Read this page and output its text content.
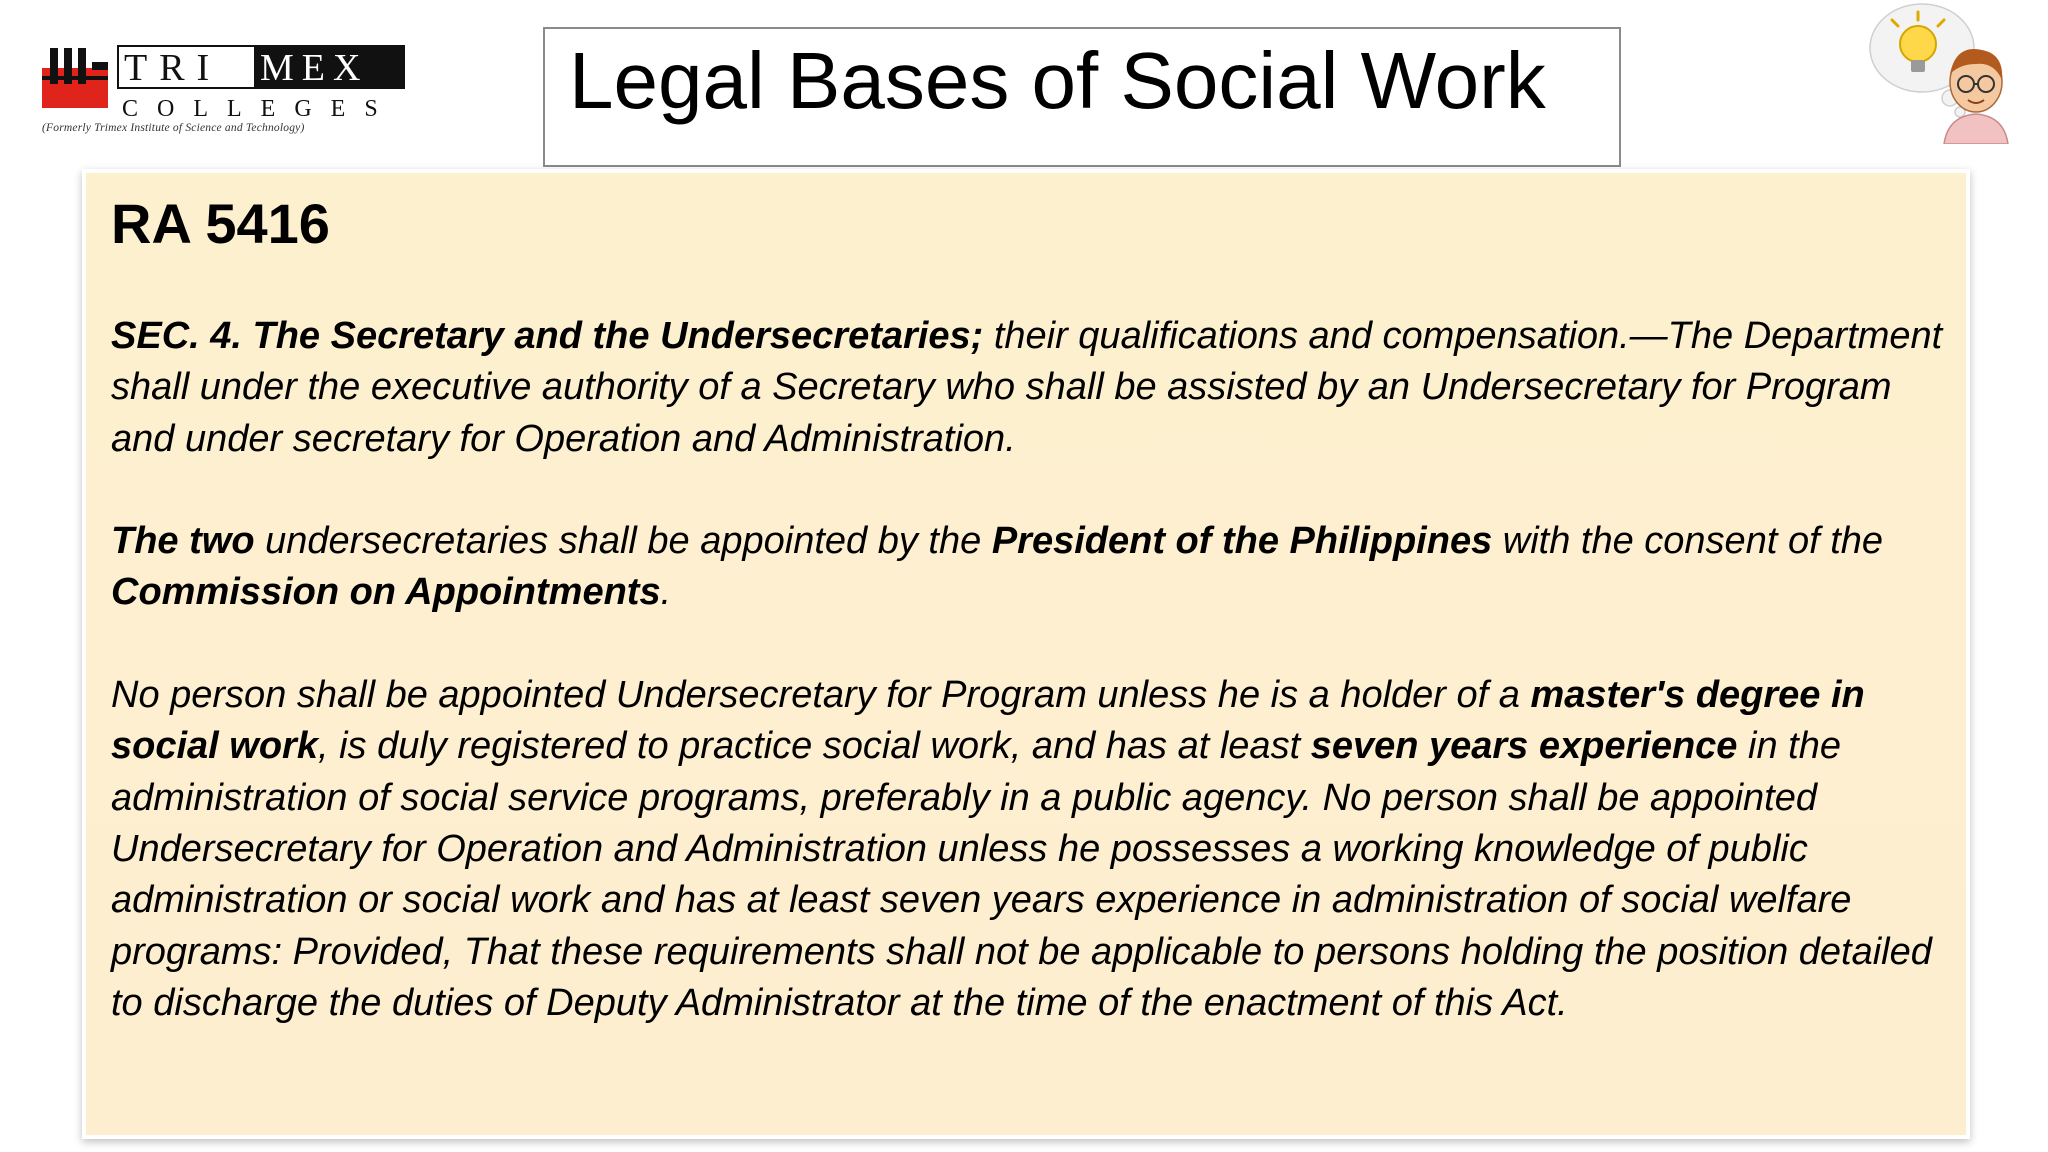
TRI MEX
COLLEGES
(Formerly Trimex Institute of Science and Technology)
Legal Bases of Social Work
RA 5416

SEC. 4. The Secretary and the Undersecretaries; their qualifications and compensation.—The Department shall under the executive authority of a Secretary who shall be assisted by an Undersecretary for Program and under secretary for Operation and Administration.

The two undersecretaries shall be appointed by the President of the Philippines with the consent of the Commission on Appointments.

No person shall be appointed Undersecretary for Program unless he is a holder of a master's degree in social work, is duly registered to practice social work, and has at least seven years experience in the administration of social service programs, preferably in a public agency. No person shall be appointed Undersecretary for Operation and Administration unless he possesses a working knowledge of public administration or social work and has at least seven years experience in administration of social welfare programs: Provided, That these requirements shall not be applicable to persons holding the position detailed to discharge the duties of Deputy Administrator at the time of the enactment of this Act.
